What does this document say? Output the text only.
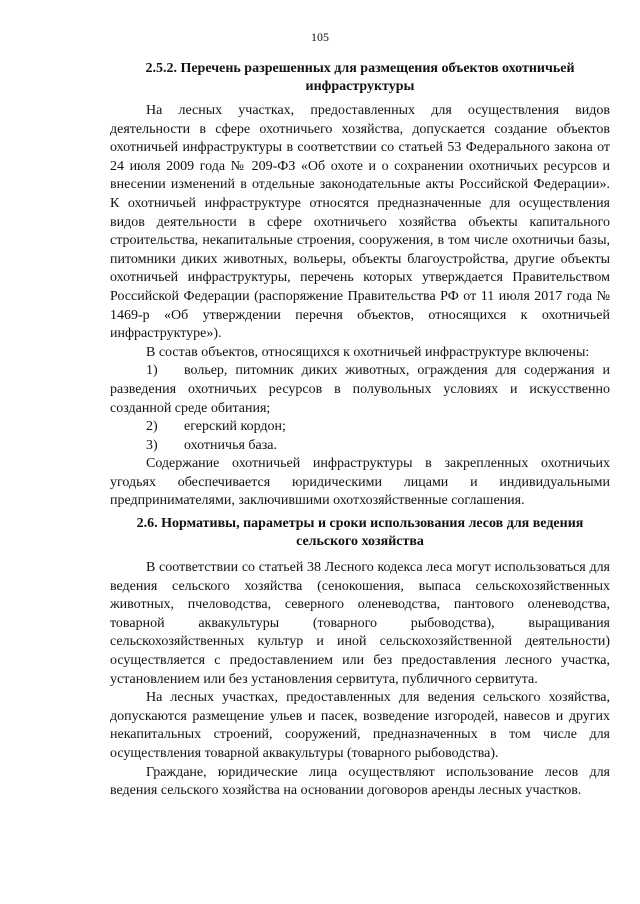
105
2.5.2. Перечень разрешенных для размещения объектов охотничьей инфраструктуры

На лесных участках, предоставленных для осуществления видов деятельности в сфере охотничьего хозяйства, допускается создание объектов охотничьей инфраструктуры в соответствии со статьей 53 Федерального закона от 24 июля 2009 года № 209-ФЗ «Об охоте и о сохранении охотничьих ресурсов и внесении изменений в отдельные законодательные акты Российской Федерации». К охотничьей инфраструктуре относятся предназначенные для осуществления видов деятельности в сфере охотничьего хозяйства объекты капитального строительства, некапитальные строения, сооружения, в том числе охотничьи базы, питомники диких животных, вольеры, объекты благоустройства, другие объекты охотничьей инфраструктуры, перечень которых утверждается Правительством Российской Федерации (распоряжение Правительства РФ от 11 июля 2017 года № 1469-р «Об утверждении перечня объектов, относящихся к охотничьей инфраструктуре»).

В состав объектов, относящихся к охотничьей инфраструктуре включены:

1) вольер, питомник диких животных, ограждения для содержания и разведения охотничьих ресурсов в полувольных условиях и искусственно созданной среде обитания;
2)	егерский кордон;
3)	охотничья база.

Содержание охотничьей инфраструктуры в закрепленных охотничьих угодьях обеспечивается юридическими лицами и индивидуальными предпринимателями, заключившими охотхозяйственные соглашения.

2.6. Нормативы, параметры и сроки использования лесов для ведения сельского хозяйства

В соответствии со статьей 38 Лесного кодекса леса могут использоваться для ведения сельского хозяйства (сенокошения, выпаса сельскохозяйственных животных, пчеловодства, северного оленеводства, пантового оленеводства, товарной аквакультуры (товарного рыбоводства), выращивания сельскохозяйственных культур и иной сельскохозяйственной деятельности) осуществляется с предоставлением или без предоставления лесного участка, установлением или без установления сервитута, публичного сервитута.

На лесных участках, предоставленных для ведения сельского хозяйства, допускаются размещение ульев и пасек, возведение изгородей, навесов и других некапитальных строений, сооружений, предназначенных в том числе для осуществления товарной аквакультуры (товарного рыбоводства).

Граждане, юридические лица осуществляют использование лесов для ведения сельского хозяйства на основании договоров аренды лесных участков.
